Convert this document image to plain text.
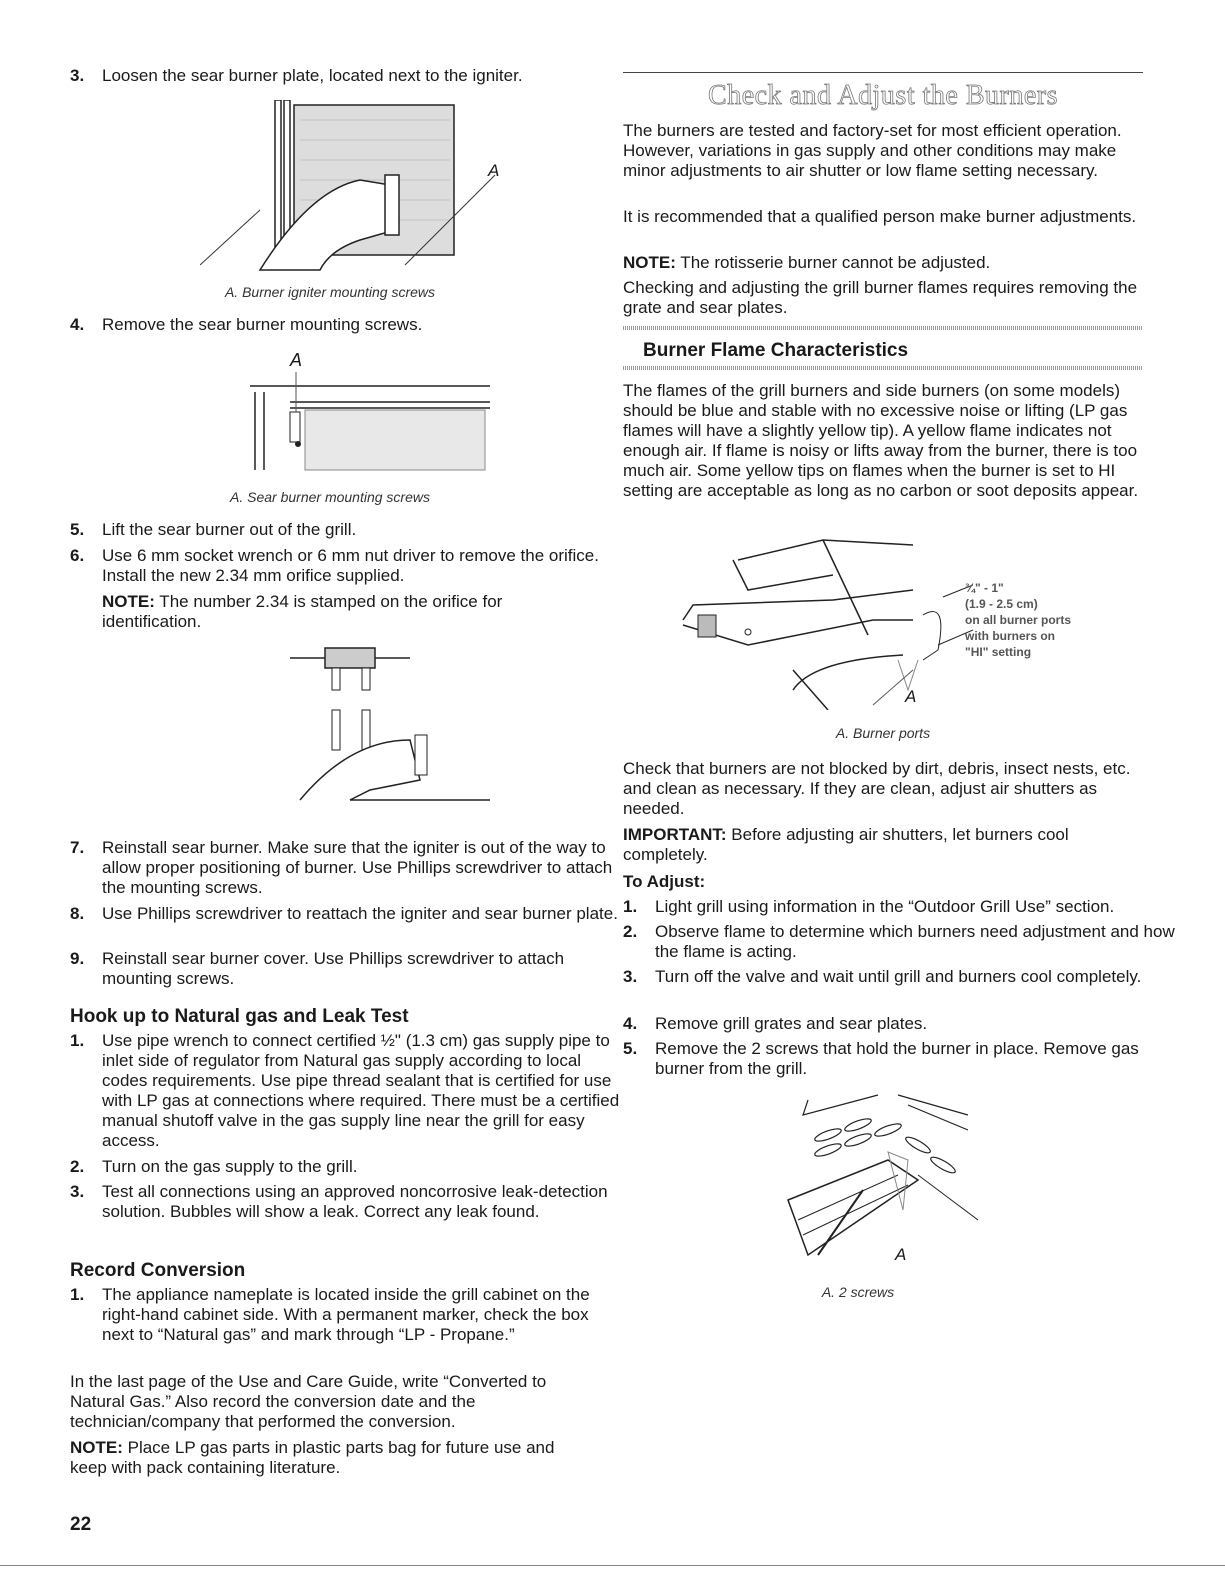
3. Loosen the sear burner plate, located next to the igniter.
A
A. Burner igniter mounting screws
4. Remove the sear burner mounting screws.
A
A. Sear burner mounting screws
5. Lift the sear burner out of the grill.
6. Use 6 mm socket wrench or 6 mm nut driver to remove the orifice. Install the new 2.34 mm orifice supplied.

NOTE: The number 2.34 is stamped on the orifice for identification.

7. Reinstall sear burner. Make sure that the igniter is out of the way to allow proper positioning of burner. Use Phillips screwdriver to attach the mounting screws.
8. Use Phillips screwdriver to reattach the igniter and sear burner plate.
9. Reinstall sear burner cover. Use Phillips screwdriver to attach mounting screws.
Hook up to Natural gas and Leak Test
1. Use pipe wrench to connect certified ½" (1.3 cm) gas supply pipe to inlet side of regulator from Natural gas supply according to local codes requirements. Use pipe thread sealant that is certified for use with LP gas at connections where required. There must be a certified manual shutoff valve in the gas supply line near the grill for easy access.
2. Turn on the gas supply to the grill.
3. Test all connections using an approved noncorrosive leak-detection solution. Bubbles will show a leak. Correct any leak found.
Record Conversion
1. The appliance nameplate is located inside the grill cabinet on the right-hand cabinet side. With a permanent marker, check the box next to “Natural gas” and mark through “LP - Propane.”

In the last page of the Use and Care Guide, write “Converted to Natural Gas.” Also record the conversion date and the technician/company that performed the conversion.

NOTE: Place LP gas parts in plastic parts bag for future use and keep with pack containing literature.

22
Check and Adjust the Burners

The burners are tested and factory-set for most efficient operation. However, variations in gas supply and other conditions may make minor adjustments to air shutter or low flame setting necessary.

It is recommended that a qualified person make burner adjustments.

NOTE: The rotisserie burner cannot be adjusted.

Checking and adjusting the grill burner flames requires removing the grate and sear plates.

Burner Flame Characteristics

The flames of the grill burners and side burners (on some models) should be blue and stable with no excessive noise or lifting (LP gas flames will have a slightly yellow tip). A yellow flame indicates not enough air. If flame is noisy or lifts away from the burner, there is too much air. Some yellow tips on flames when the burner is set to HI setting are acceptable as long as no carbon or soot deposits appear.

¾" - 1"
(1.9 - 2.5 cm)
on all burner ports
with burners on
"HI" setting
A
A. Burner ports

Check that burners are not blocked by dirt, debris, insect nests, etc. and clean as necessary. If they are clean, adjust air shutters as needed.

IMPORTANT: Before adjusting air shutters, let burners cool completely.

To Adjust:
1. Light grill using information in the “Outdoor Grill Use” section.
2. Observe flame to determine which burners need adjustment and how the flame is acting.
3. Turn off the valve and wait until grill and burners cool completely.
4. Remove grill grates and sear plates.
5. Remove the 2 screws that hold the burner in place. Remove gas burner from the grill.
A
A. 2 screws
